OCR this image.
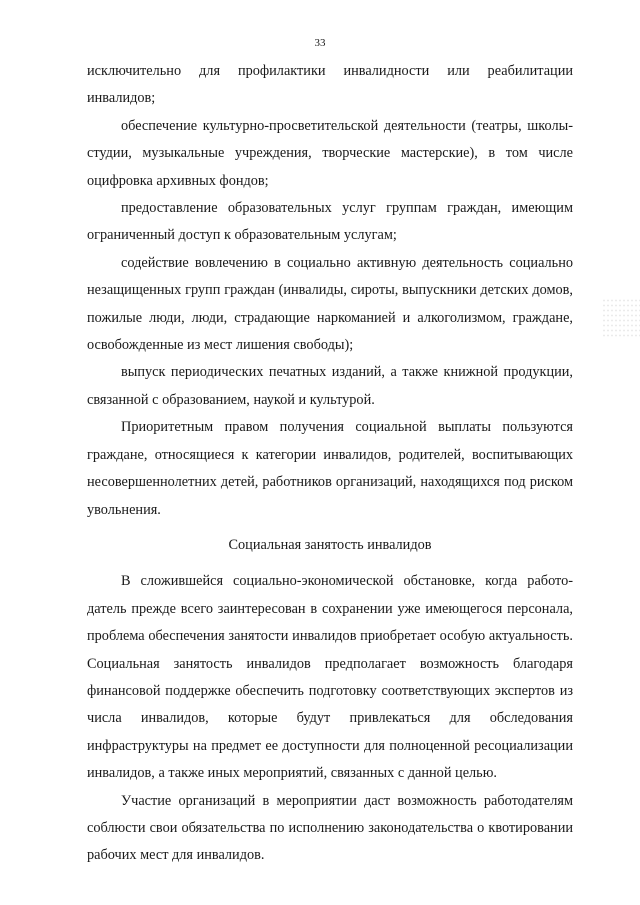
33

исключительно для профилактики инвалидности или реабилитации инвалидов;

обеспечение культурно-просветительской деятельности (театры, школы-студии, музыкальные учреждения, творческие мастерские), в том числе оцифровка архивных фондов;

предоставление образовательных услуг группам граждан, имеющим ограниченный доступ к образовательным услугам;

содействие вовлечению в социально активную деятельность социально незащищенных групп граждан (инвалиды, сироты, выпускники детских домов, пожилые люди, люди, страдающие наркоманией и алкоголизмом, граждане, освобожденные из мест лишения свободы);

выпуск периодических печатных изданий, а также книжной продукции, связанной с образованием, наукой и культурой.

Приоритетным правом получения социальной выплаты пользуются граждане, относящиеся к категории инвалидов, родителей, воспитывающих несовершеннолетних детей, работников организаций, находящихся под риском увольнения.

Социальная занятость инвалидов

В сложившейся социально-экономической обстановке, когда работодатель прежде всего заинтересован в сохранении уже имеющегося персонала, проблема обеспечения занятости инвалидов приобретает особую актуальность. Социальная занятость инвалидов предполагает возможность благодаря финансовой поддержке обеспечить подготовку соответствующих экспертов из числа инвалидов, которые будут привлекаться для обследования инфраструктуры на предмет ее доступности для полноценной ресоциализации инвалидов, а также иных мероприятий, связанных с данной целью.

Участие организаций в мероприятии даст возможность работодателям соблюсти свои обязательства по исполнению законодательства о квотировании рабочих мест для инвалидов.
